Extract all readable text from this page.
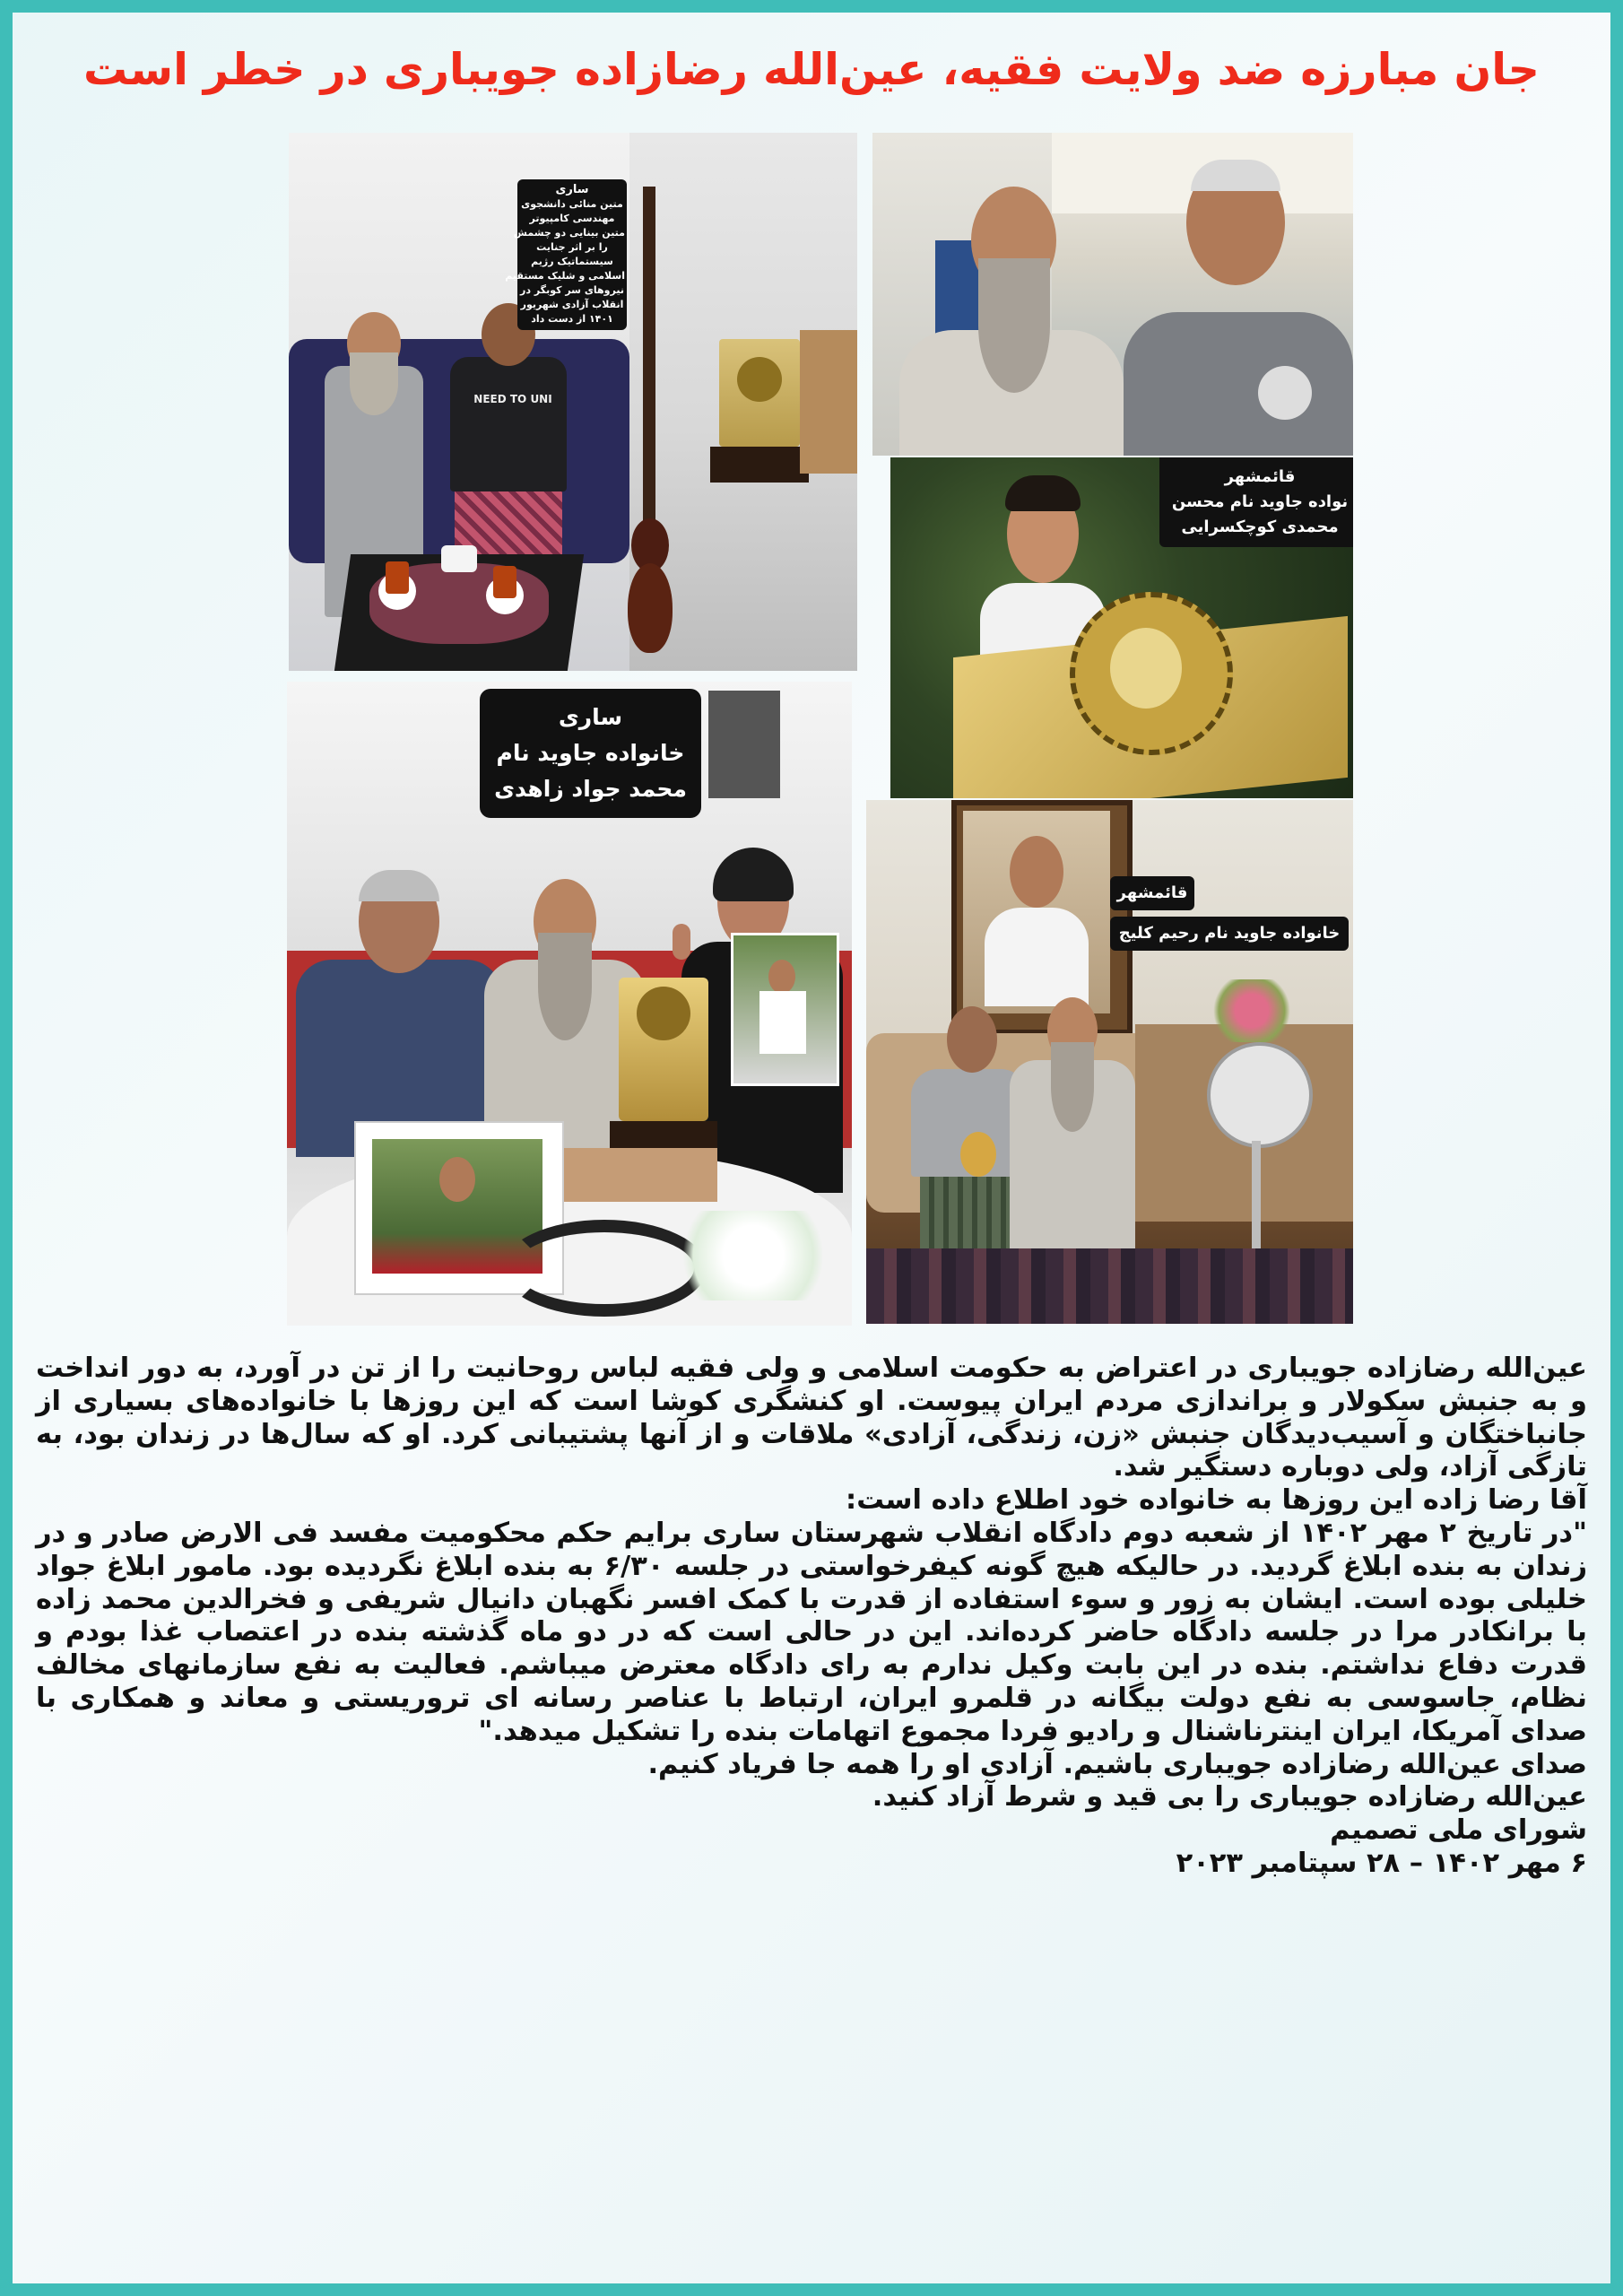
جان مبارزه ضد ولایت فقیه، عین‌الله رضازاده جویباری در خطر است
NEED TO UNI
ساری
متین منائی دانشجوی
مهندسی کامپیوتر
متین بینایی دو چشمش
را بر اثر جنایت
سیستماتیک رژیم
اسلامی و شلیک مستقیم
نیروهای سر کوبگر در
انقلاب آزادی شهریور
۱۴۰۱ از دست داد
قائمشهر
نواده جاوید نام محسن
محمدی کوچکسرایی
ساری
خانواده جاوید نام
محمد جواد زاهدی
قائمشهر
خانواده جاوید نام رحیم کلیج

عین‌الله رضازاده جویباری در اعتراض به حکومت اسلامی و ولی فقیه لباس روحانیت را از تن در آورد، به دور انداخت و به جنبش سکولار و براندازی مردم ایران پیوست. او کنشگری کوشا است که این روزها با خانواده‌های بسیاری از جانباختگان و آسیب‌دیدگان جنبش «زن، زندگی، آزادی» ملاقات و از آنها پشتیبانی کرد. او که سال‌ها در زندان بود، به تازگی آزاد، ولی دوباره دستگیر شد.

آقا رضا زاده این روزها به خانواده خود اطلاع داده است:

"در تاریخ ۲ مهر ۱۴۰۲ از شعبه دوم دادگاه انقلاب شهرستان ساری برایم حکم محکومیت مفسد فی الارض صادر و در زندان به بنده ابلاغ گردید. در حالیکه هیچ گونه کیفرخواستی در جلسه ۶/۳۰ به بنده ابلاغ نگردیده بود. مامور ابلاغ جواد خلیلی بوده است. ایشان به زور و سوء استفاده از قدرت با کمک افسر نگهبان دانیال شریفی و فخرالدین محمد زاده با برانکادر مرا در جلسه دادگاه حاضر کرده‌اند. این در حالی است که در دو ماه گذشته بنده در اعتصاب غذا بودم و قدرت دفاع نداشتم. بنده در این بابت وکیل ندارم به رای دادگاه معترض میباشم. فعالیت به نفع سازمانهای مخالف نظام، جاسوسی به نفع دولت بیگانه در قلمرو ایران، ارتباط با عناصر رسانه ای تروریستی و معاند و همکاری با صدای آمریکا، ایران اینترناشنال و رادیو فردا مجموع اتهامات بنده را تشکیل میدهد."

صدای عین‌الله رضازاده جویباری باشیم. آزادی او را همه جا فریاد کنیم.

عین‌الله رضازاده جویباری را بی قید و شرط آزاد کنید.

شورای ملی تصمیم

۶ مهر ۱۴۰۲ – ۲۸ سپتامبر ۲۰۲۳
